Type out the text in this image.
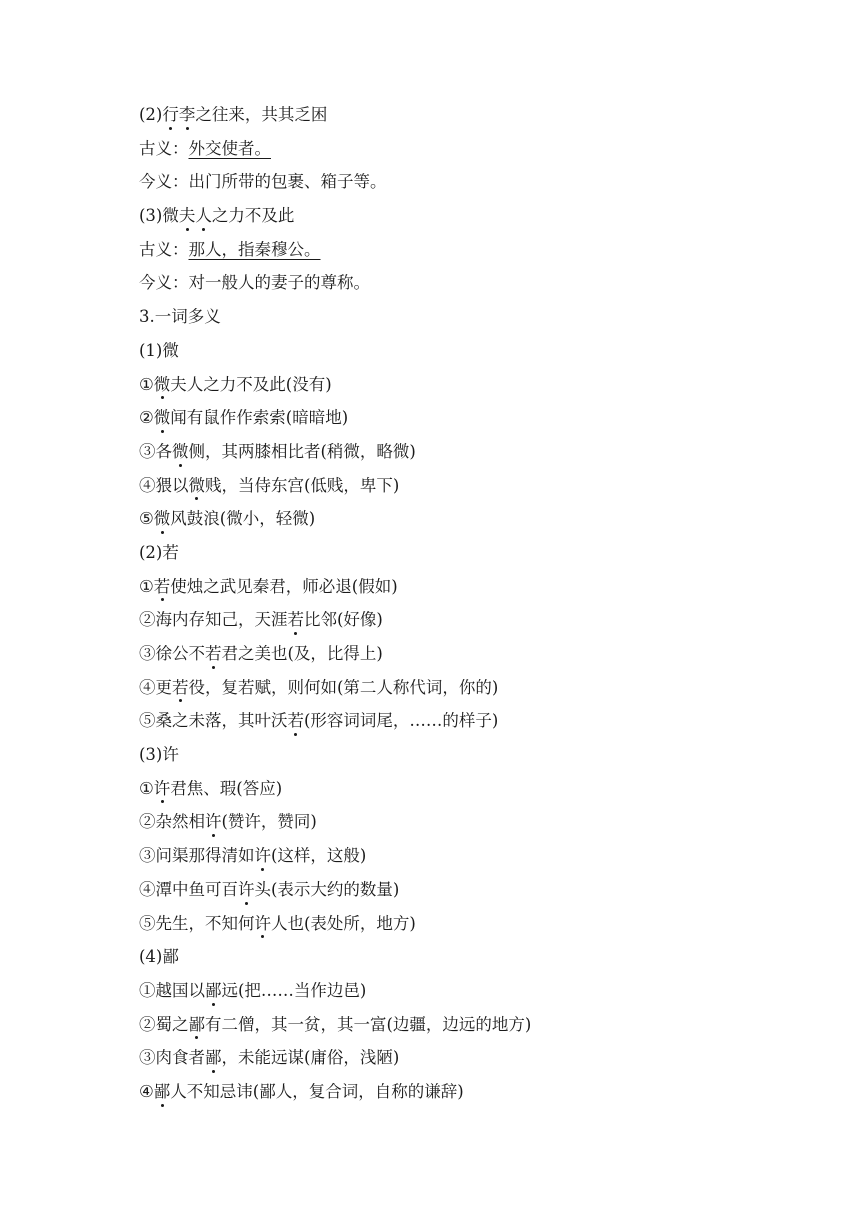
(2)行李之往来，共其乏困
古义：外交使者。
今义：出门所带的包裹、箱子等。
(3)微夫人之力不及此
古义：那人，指秦穆公。
今义：对一般人的妻子的尊称。
3.一词多义
(1)微
①微夫人之力不及此(没有)
②微闻有鼠作作索索(暗暗地)
③各微侧，其两膝相比者(稍微，略微)
④猥以微贱，当侍东宫(低贱，卑下)
⑤微风鼓浪(微小，轻微)
(2)若
①若使烛之武见秦君，师必退(假如)
②海内存知己，天涯若比邻(好像)
③徐公不若君之美也(及，比得上)
④更若役，复若赋，则何如(第二人称代词，你的)
⑤桑之未落，其叶沃若(形容词词尾，……的样子)
(3)许
①许君焦、瑕(答应)
②杂然相许(赞许，赞同)
③问渠那得清如许(这样，这般)
④潭中鱼可百许头(表示大约的数量)
⑤先生，不知何许人也(表处所，地方)
(4)鄙
①越国以鄙远(把……当作边邑)
②蜀之鄙有二僧，其一贫，其一富(边疆，边远的地方)
③肉食者鄙，未能远谋(庸俗，浅陋)
④鄙人不知忌讳(鄙人，复合词，自称的谦辞)
